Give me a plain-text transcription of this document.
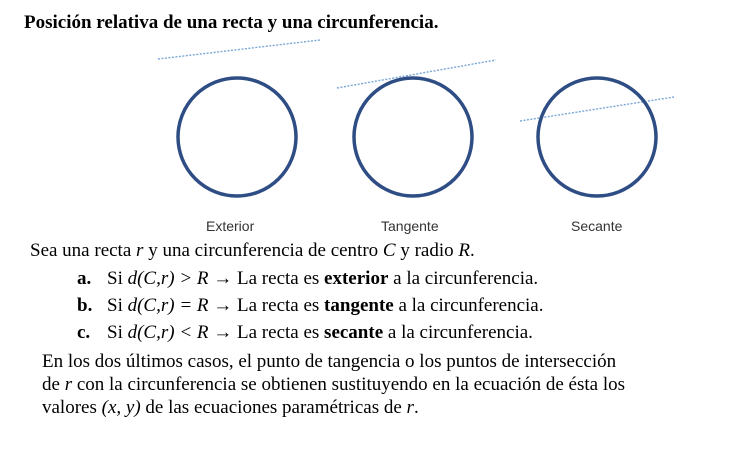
Posición relativa de una recta y una circunferencia.
Exterior	Tangente	Secante
Sea una recta r y una circunferencia de centro C y radio R.
a. Si d(C,r) > R → La recta es exterior a la circunferencia.
b. Si d(C,r) = R → La recta es tangente a la circunferencia.
c. Si d(C,r) < R → La recta es secante a la circunferencia.
En los dos últimos casos, el punto de tangencia o los puntos de intersección
de r con la circunferencia se obtienen sustituyendo en la ecuación de ésta los
valores (x, y) de las ecuaciones paramétricas de r.
